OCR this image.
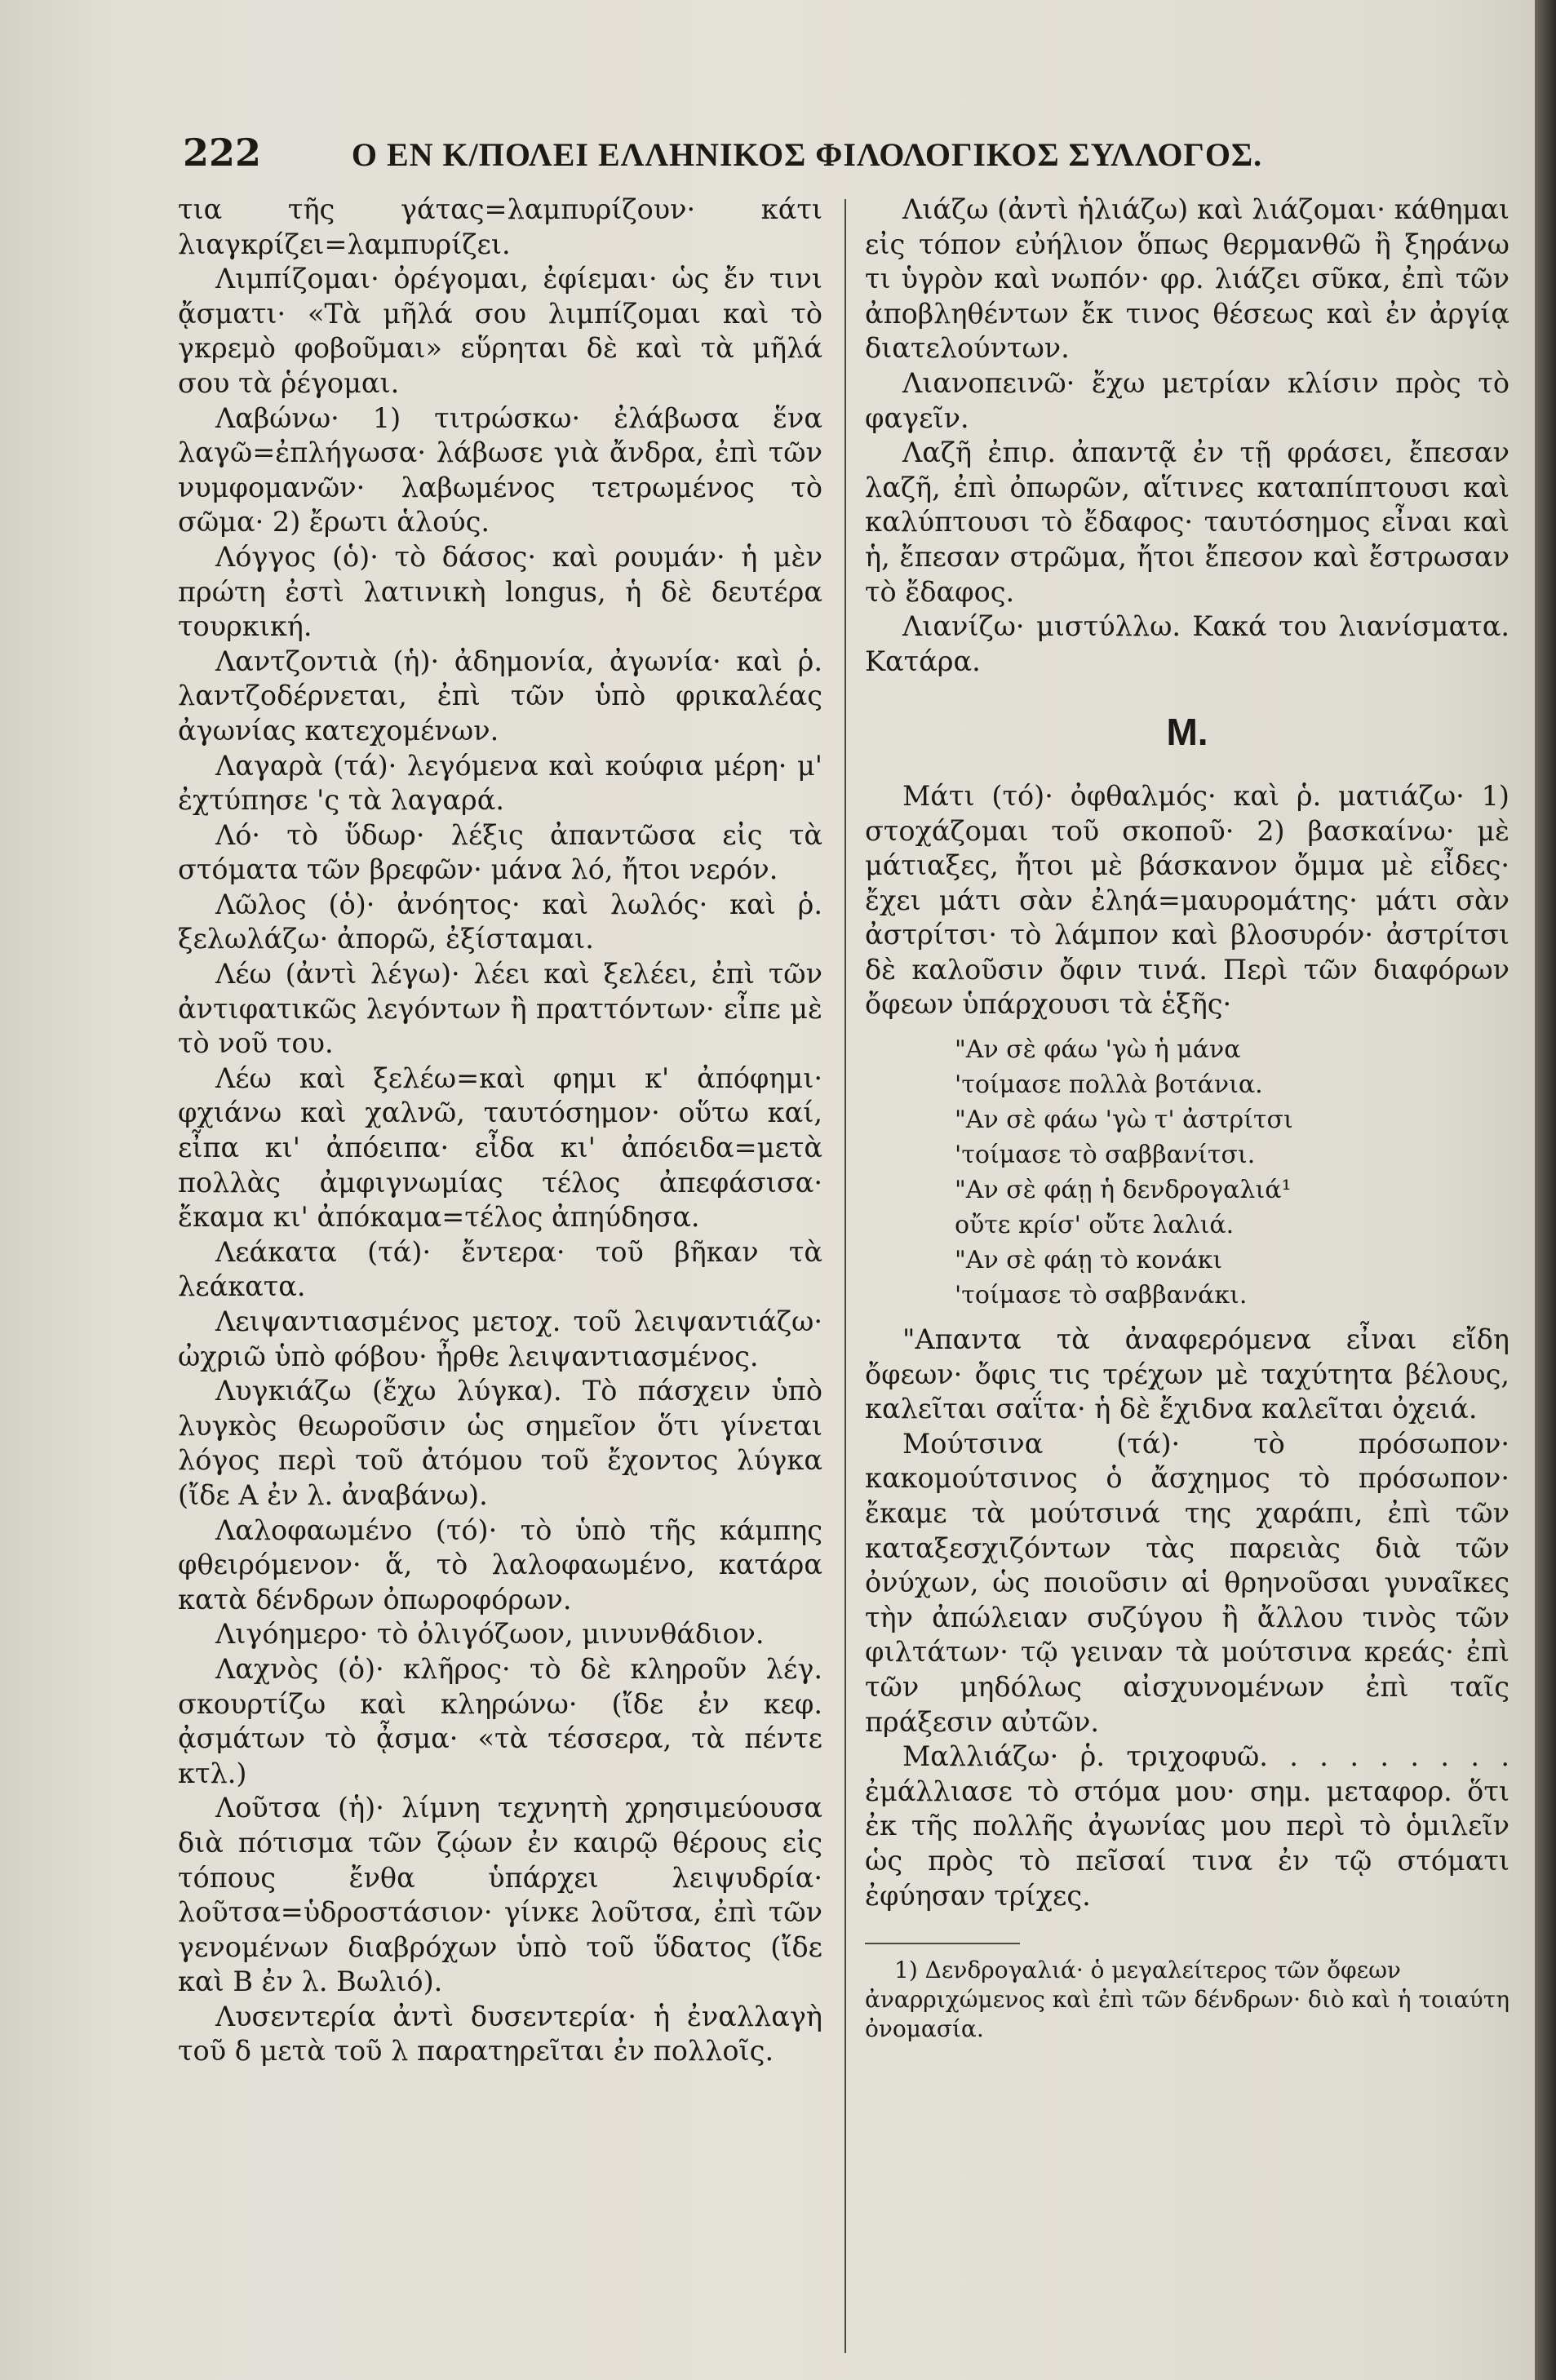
222	Ο ΕΝ Κ/ΠΟΛΕΙ ΕΛΛΗΝΙΚΟΣ ΦΙΛΟΛΟΓΙΚΟΣ ΣΥΛΛΟΓΟΣ.

τια τῆς γάτας=λαμπυρίζουν· κάτι λιαγκρίζει=λαμπυρίζει.

Λιμπίζομαι· ὀρέγομαι, ἐφίεμαι· ὡς ἔν τινι ᾄσματι· «Τὰ μῆλά σου λιμπίζομαι καὶ τὸ γκρεμὸ φοβοῦμαι» εὕρηται δὲ καὶ τὰ μῆλά σου τὰ ῥέγομαι.

Λαβώνω· 1) τιτρώσκω· ἐλάβωσα ἕνα λαγῶ=ἐπλήγωσα· λάβωσε γιὰ ἄνδρα, ἐπὶ τῶν νυμφομανῶν· λαβωμένος τετρωμένος τὸ σῶμα· 2) ἔρωτι ἁλούς.

Λόγγος (ὁ)· τὸ δάσος· καὶ ρουμάν· ἡ μὲν πρώτη ἐστὶ λατινικὴ longus, ἡ δὲ δευτέρα τουρκική.

Λαντζοντιὰ (ἡ)· ἀδημονία, ἀγωνία· καὶ ῥ. λαντζοδέρνεται, ἐπὶ τῶν ὑπὸ φρικαλέας ἀγωνίας κατεχομένων.

Λαγαρὰ (τά)· λεγόμενα καὶ κούφια μέρη· μ' ἐχτύπησε 'ς τὰ λαγαρά.

Λό· τὸ ὕδωρ· λέξις ἀπαντῶσα εἰς τὰ στόματα τῶν βρεφῶν· μάνα λό, ἤτοι νερόν.

Λῶλος (ὁ)· ἀνόητος· καὶ λωλός· καὶ ῥ. ξελωλάζω· ἀπορῶ, ἐξίσταμαι.

Λέω (ἀντὶ λέγω)· λέει καὶ ξελέει, ἐπὶ τῶν ἀντιφατικῶς λεγόντων ἢ πραττόντων· εἶπε μὲ τὸ νοῦ του.

Λέω καὶ ξελέω=καὶ φημι κ' ἀπόφημι· φχιάνω καὶ χαλνῶ, ταυτόσημον· οὕτω καί, εἶπα κι' ἀπόειπα· εἶδα κι' ἀπόειδα=μετὰ πολλὰς ἀμφιγνωμίας τέλος ἀπεφάσισα· ἔκαμα κι' ἀπόκαμα=τέλος ἀπηύδησα.

Λεάκατα (τά)· ἔντερα· τοῦ βῆκαν τὰ λεάκατα.

Λειψαντιασμένος μετοχ. τοῦ λειψαντιάζω· ὠχριῶ ὑπὸ φόβου· ἦρθε λειψαντιασμένος.

Λυγκιάζω (ἔχω λύγκα). Τὸ πάσχειν ὑπὸ λυγκὸς θεωροῦσιν ὡς σημεῖον ὅτι γίνεται λόγος περὶ τοῦ ἀτόμου τοῦ ἔχοντος λύγκα (ἴδε Α ἐν λ. ἀναβάνω).

Λαλοφαωμένο (τό)· τὸ ὑπὸ τῆς κάμπης φθειρόμενον· ἅ, τὸ λαλοφαωμένο, κατάρα κατὰ δένδρων ὀπωροφόρων.

Λιγόημερο· τὸ ὀλιγόζωον, μινυνθάδιον.

Λαχνὸς (ὁ)· κλῆρος· τὸ δὲ κληροῦν λέγ. σκουρτίζω καὶ κληρώνω· (ἴδε ἐν κεφ. ᾀσμάτων τὸ ᾆσμα· «τὰ τέσσερα, τὰ πέντε κτλ.)

Λοῦτσα (ἡ)· λίμνη τεχνητὴ χρησιμεύουσα διὰ πότισμα τῶν ζῴων ἐν καιρῷ θέρους εἰς τόπους ἔνθα ὑπάρχει λειψυδρία· λοῦτσα=ὑδροστάσιον· γίνκε λοῦτσα, ἐπὶ τῶν γενομένων διαβρόχων ὑπὸ τοῦ ὕδατος (ἴδε καὶ Β ἐν λ. Βωλιό).

Λυσεντερία ἀντὶ δυσεντερία· ἡ ἐναλλαγὴ τοῦ δ μετὰ τοῦ λ παρατηρεῖται ἐν πολλοῖς.

Λιάζω (ἀντὶ ἡλιάζω) καὶ λιάζομαι· κάθημαι εἰς τόπον εὐήλιον ὅπως θερμανθῶ ἢ ξηράνω τι ὑγρὸν καὶ νωπόν· φρ. λιάζει σῦκα, ἐπὶ τῶν ἀποβληθέντων ἔκ τινος θέσεως καὶ ἐν ἀργίᾳ διατελούντων.

Λιανοπεινῶ· ἔχω μετρίαν κλίσιν πρὸς τὸ φαγεῖν.

Λαζῆ ἐπιρ. ἀπαντᾷ ἐν τῇ φράσει, ἔπεσαν λαζῆ, ἐπὶ ὀπωρῶν, αἵτινες καταπίπτουσι καὶ καλύπτουσι τὸ ἔδαφος· ταυτόσημος εἶναι καὶ ἡ, ἔπεσαν στρῶμα, ἤτοι ἔπεσον καὶ ἔστρωσαν τὸ ἔδαφος.

Λιανίζω· μιστύλλω. Κακά του λιανίσματα. Κατάρα.

Μ.

Μάτι (τό)· ὀφθαλμός· καὶ ῥ. ματιάζω· 1) στοχάζομαι τοῦ σκοποῦ· 2) βασκαίνω· μὲ μάτιαξες, ἤτοι μὲ βάσκανον ὄμμα μὲ εἶδες· ἔχει μάτι σὰν ἐληά=μαυρομάτης· μάτι σὰν ἀστρίτσι· τὸ λάμπον καὶ βλοσυρόν· ἀστρίτσι δὲ καλοῦσιν ὄφιν τινά. Περὶ τῶν διαφόρων ὄφεων ὑπάρχουσι τὰ ἑξῆς·

"Αν σὲ φάω 'γὼ ἡ μάνα
'τοίμασε πολλὰ βοτάνια.
"Αν σὲ φάω 'γὼ τ' ἀστρίτσι
'τοίμασε τὸ σαββανίτσι.
"Αν σὲ φάῃ ἡ δενδρογαλιά¹
οὔτε κρίσ' οὔτε λαλιά.
"Αν σὲ φάῃ τὸ κονάκι
'τοίμασε τὸ σαββανάκι.

"Απαντα τὰ ἀναφερόμενα εἶναι εἴδη ὄφεων· ὄφις τις τρέχων μὲ ταχύτητα βέλους, καλεῖται σαΐτα· ἡ δὲ ἔχιδνα καλεῖται ὀχειά.

Μούτσινα (τά)· τὸ πρόσωπον· κακομούτσινος ὁ ἄσχημος τὸ πρόσωπον· ἔκαμε τὰ μούτσινά της χαράπι, ἐπὶ τῶν καταξεσχιζόντων τὰς παρειὰς διὰ τῶν ὀνύχων, ὡς ποιοῦσιν αἱ θρηνοῦσαι γυναῖκες τὴν ἀπώλειαν συζύγου ἢ ἄλλου τινὸς τῶν φιλτάτων· τῷ γειναν τὰ μούτσινα κρεάς· ἐπὶ τῶν μηδόλως αἰσχυνομένων ἐπὶ ταῖς πράξεσιν αὐτῶν.

Μαλλιάζω· ῥ. τριχοφυῶ. . . . . . . . . ἐμάλλιασε τὸ στόμα μου· σημ. μεταφορ. ὅτι ἐκ τῆς πολλῆς ἀγωνίας μου περὶ τὸ ὁμιλεῖν ὡς πρὸς τὸ πεῖσαί τινα ἐν τῷ στόματι ἐφύησαν τρίχες.

1) Δενδρογαλιά· ὁ μεγαλείτερος τῶν ὄφεων ἀναρριχώμενος καὶ ἐπὶ τῶν δένδρων· διὸ καὶ ἡ τοιαύτη ὀνομασία.
